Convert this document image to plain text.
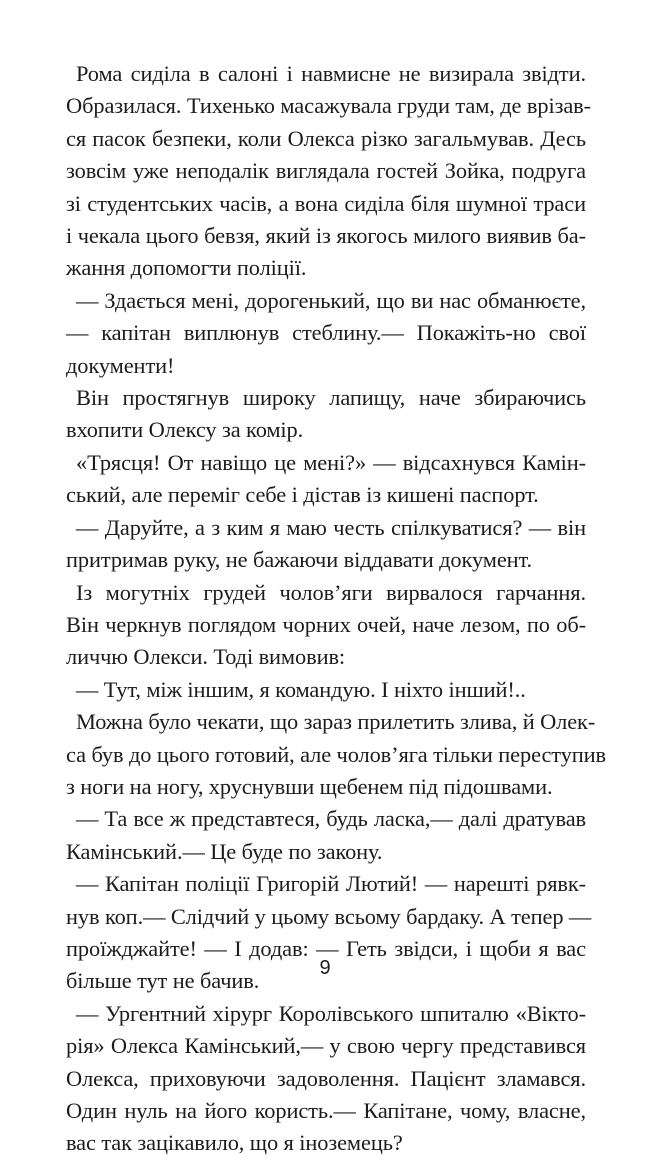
Рома сиділа в салоні і навмисне не визирала звідти.
Образилася. Тихенько масажувала груди там, де врізав-
ся пасок безпеки, коли Олекса різко загальмував. Десь
зовсім уже неподалік виглядала гостей Зойка, подруга
зі студентських часів, а вона сиділа біля шумної траси
і чекала цього бевзя, який із якогось милого виявив ба-
жання допомогти поліції.
— Здається мені, дорогенький, що ви нас обманюєте,
— капітан виплюнув стеблину.— Покажіть-но свої
документи!
Він простягнув широку лапищу, наче збираючись
вхопити Олексу за комір.
«Трясця! От навіщо це мені?» — відсахнувся Камін-
ський, але переміг себе і дістав із кишені паспорт.
— Даруйте, а з ким я маю честь спілкуватися? — він
притримав руку, не бажаючи віддавати документ.
Із могутніх грудей чолов’яги вирвалося гарчання.
Він черкнув поглядом чорних очей, наче лезом, по об-
личчю Олекси. Тоді вимовив:
— Тут, між іншим, я командую. І ніхто інший!..
Можна було чекати, що зараз прилетить злива, й Олек-
са був до цього готовий, але чолов’яга тільки переступив
з ноги на ногу, хруснувши щебенем під підошвами.
— Та все ж представтеся, будь ласка,— далі дратував
Камінський.— Це буде по закону.
— Капітан поліції Григорій Лютий! — нарешті рявк-
нув коп.— Слідчий у цьому всьому бардаку. А тепер —
проїжджайте! — І додав: — Геть звідси, і щоби я вас
більше тут не бачив.
— Ургентний хірург Королівського шпиталю «Вікто-
рія» Олекса Камінський,— у свою чергу представився
Олекса, приховуючи задоволення. Пацієнт зламався.
Один нуль на його користь.— Капітане, чому, власне,
вас так зацікавило, що я іноземець?
9
